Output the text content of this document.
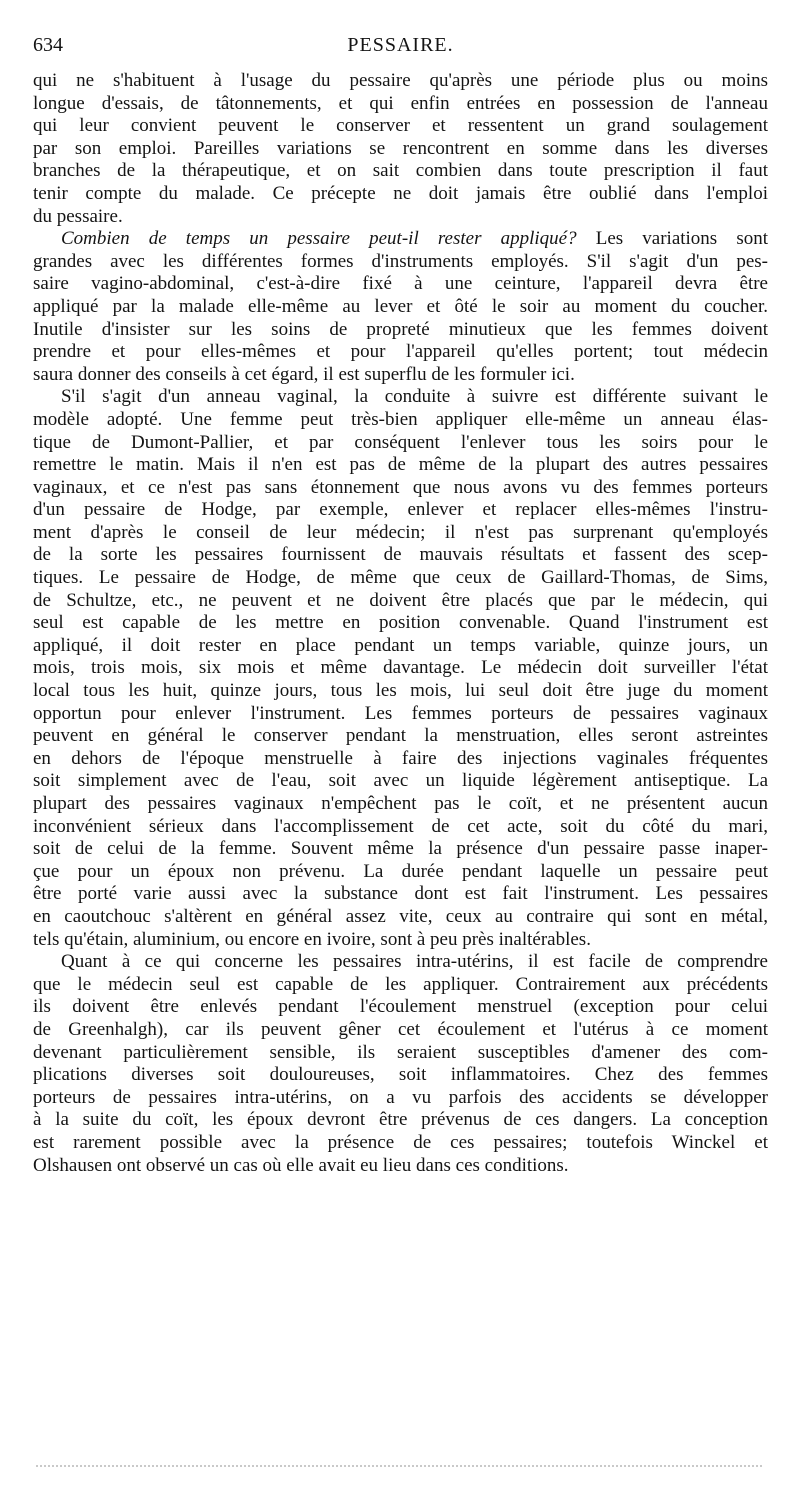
634	PESSAIRE.
qui ne s'habituent à l'usage du pessaire qu'après une période plus ou moins
longue d'essais, de tâtonnements, et qui enfin entrées en possession de l'anneau
qui leur convient peuvent le conserver et ressentent un grand soulagement
par son emploi. Pareilles variations se rencontrent en somme dans les diverses
branches de la thérapeutique, et on sait combien dans toute prescription il faut
tenir compte du malade. Ce précepte ne doit jamais être oublié dans l'emploi
du pessaire.
Combien de temps un pessaire peut-il rester appliqué? Les variations sont
grandes avec les différentes formes d'instruments employés. S'il s'agit d'un pes-
saire vagino-abdominal, c'est-à-dire fixé à une ceinture, l'appareil devra être
appliqué par la malade elle-même au lever et ôté le soir au moment du coucher.
Inutile d'insister sur les soins de propreté minutieux que les femmes doivent
prendre et pour elles-mêmes et pour l'appareil qu'elles portent; tout médecin
saura donner des conseils à cet égard, il est superflu de les formuler ici.
S'il s'agit d'un anneau vaginal, la conduite à suivre est différente suivant le
modèle adopté. Une femme peut très-bien appliquer elle-même un anneau élas-
tique de Dumont-Pallier, et par conséquent l'enlever tous les soirs pour le
remettre le matin. Mais il n'en est pas de même de la plupart des autres pessaires
vaginaux, et ce n'est pas sans étonnement que nous avons vu des femmes porteurs
d'un pessaire de Hodge, par exemple, enlever et replacer elles-mêmes l'instru-
ment d'après le conseil de leur médecin; il n'est pas surprenant qu'employés
de la sorte les pessaires fournissent de mauvais résultats et fassent des scep-
tiques. Le pessaire de Hodge, de même que ceux de Gaillard-Thomas, de Sims,
de Schultze, etc., ne peuvent et ne doivent être placés que par le médecin, qui
seul est capable de les mettre en position convenable. Quand l'instrument est
appliqué, il doit rester en place pendant un temps variable, quinze jours, un
mois, trois mois, six mois et même davantage. Le médecin doit surveiller l'état
local tous les huit, quinze jours, tous les mois, lui seul doit être juge du moment
opportun pour enlever l'instrument. Les femmes porteurs de pessaires vaginaux
peuvent en général le conserver pendant la menstruation, elles seront astreintes
en dehors de l'époque menstruelle à faire des injections vaginales fréquentes
soit simplement avec de l'eau, soit avec un liquide légèrement antiseptique. La
plupart des pessaires vaginaux n'empêchent pas le coït, et ne présentent aucun
inconvénient sérieux dans l'accomplissement de cet acte, soit du côté du mari,
soit de celui de la femme. Souvent même la présence d'un pessaire passe inaper-
çue pour un époux non prévenu. La durée pendant laquelle un pessaire peut
être porté varie aussi avec la substance dont est fait l'instrument. Les pessaires
en caoutchouc s'altèrent en général assez vite, ceux au contraire qui sont en métal,
tels qu'étain, aluminium, ou encore en ivoire, sont à peu près inaltérables.
Quant à ce qui concerne les pessaires intra-utérins, il est facile de comprendre
que le médecin seul est capable de les appliquer. Contrairement aux précédents
ils doivent être enlevés pendant l'écoulement menstruel (exception pour celui
de Greenhalgh), car ils peuvent gêner cet écoulement et l'utérus à ce moment
devenant particulièrement sensible, ils seraient susceptibles d'amener des com-
plications diverses soit douloureuses, soit inflammatoires. Chez des femmes
porteurs de pessaires intra-utérins, on a vu parfois des accidents se développer
à la suite du coït, les époux devront être prévenus de ces dangers. La conception
est rarement possible avec la présence de ces pessaires; toutefois Winckel et
Olshausen ont observé un cas où elle avait eu lieu dans ces conditions.
